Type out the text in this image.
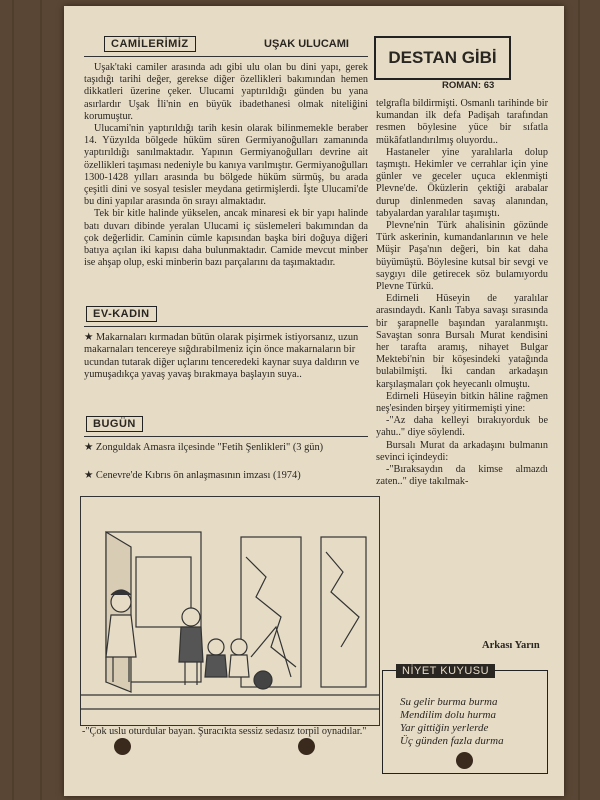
CAMİLERİMİZ	UŞAK ULUCAMI
DESTAN GİBİ
ROMAN: 63

Uşak'taki camiler arasında adı gibi ulu olan bu dini yapı, gerek taşıdığı tarihi değer, gerekse diğer özellikleri bakımından hemen dikkatleri üzerine çeker. Ulucami yaptırıldığı günden bu yana asırlardır Uşak İli'nin en büyük ibadethanesi olmak niteliğini korumuştur.

Ulucami'nin yaptırıldığı tarih kesin olarak bilinmemekle beraber 14. Yüzyılda bölgede hüküm süren Germiyanoğulları zamanında yaptırıldığı sanılmaktadır. Yapının Germiyanoğulları devrine ait özellikleri taşıması nedeniyle bu kanıya varılmıştır. Germiyanoğulları 1300-1428 yılları arasında bu bölgede hüküm sürmüş, bu arada çeşitli dini ve sosyal tesisler meydana getirmişlerdi. İşte Ulucami'de bu dini yapılar arasında ön sırayı almaktadır.

Tek bir kitle halinde yükselen, ancak minaresi ek bir yapı halinde batı duvarı dibinde yeralan Ulucami iç süslemeleri bakımından da çok değerlidir. Caminin cümle kapısından başka biri doğuya diğeri batıya açılan iki kapısı daha bulunmaktadır. Camide mevcut minber ise ahşap olup, eski minberin bazı parçalarını da taşımaktadır.

EV-KADIN
★ Makarnaları kırmadan bütün olarak pişirmek istiyorsanız, uzun makarnaları tencereye sığdırabilmeniz için önce makarnaların bir ucundan tutarak diğer uçlarını tenceredeki kaynar suya daldırın ve yumuşadıkça yavaş yavaş bırakmaya başlayın suya..
BUGÜN
★ Zonguldak Amasra ilçesinde "Fetih Şenlikleri" (3 gün)
★ Cenevre'de Kıbrıs ön anlaşmasının imzası (1974)
-"Çok uslu oturdular bayan. Şuracıkta sessiz sedasız torpil oynadılar."

telgrafla bildirmişti. Osmanlı tarihinde bir kumandan ilk defa Padişah tarafından resmen böylesine yüce bir sıfatla mükâfatlandırılmış oluyordu..

Hastaneler yine yaralılarla dolup taşmıştı. Hekimler ve cerrahlar için yine günler ve geceler uçuca eklenmişti Plevne'de. Öküzlerin çektiği arabalar durup dinlenmeden savaş alanından, tabyalardan yaralılar taşımıştı.

Plevne'nin Türk ahalisinin gözünde Türk askerinin, kumandanlarının ve hele Müşir Paşa'nın değeri, bin kat daha büyümüştü. Böylesine kutsal bir sevgi ve saygıyı dile getirecek söz bulamıyordu Plevne Türkü.

Edirneli Hüseyin de yaralılar arasındaydı. Kanlı Tabya savaşı sırasında bir şarapnelle başından yaralanmıştı. Savaştan sonra Bursalı Murat kendisini her tarafta aramış, nihayet Bulgar Mektebi'nin bir köşesindeki yatağında bulabilmişti. İki candan arkadaşın karşılaşmaları çok heyecanlı olmuştu.

Edirneli Hüseyin bitkin hâline rağmen neş'esinden birşey yitirmemişti yine:

-"Az daha kelleyi bırakıyorduk be yahu.." diye söylendi.

Bursalı Murat da arkadaşını bulmanın sevinci içindeydi:

-"Bıraksaydın da kimse almazdı zaten.." diye takılmak-

Arkası Yarın
NİYET KUYUSU
Su gelir burma burma
Mendilim dolu hurma
Yar gittiğin yerlerde
Üç günden fazla durma
